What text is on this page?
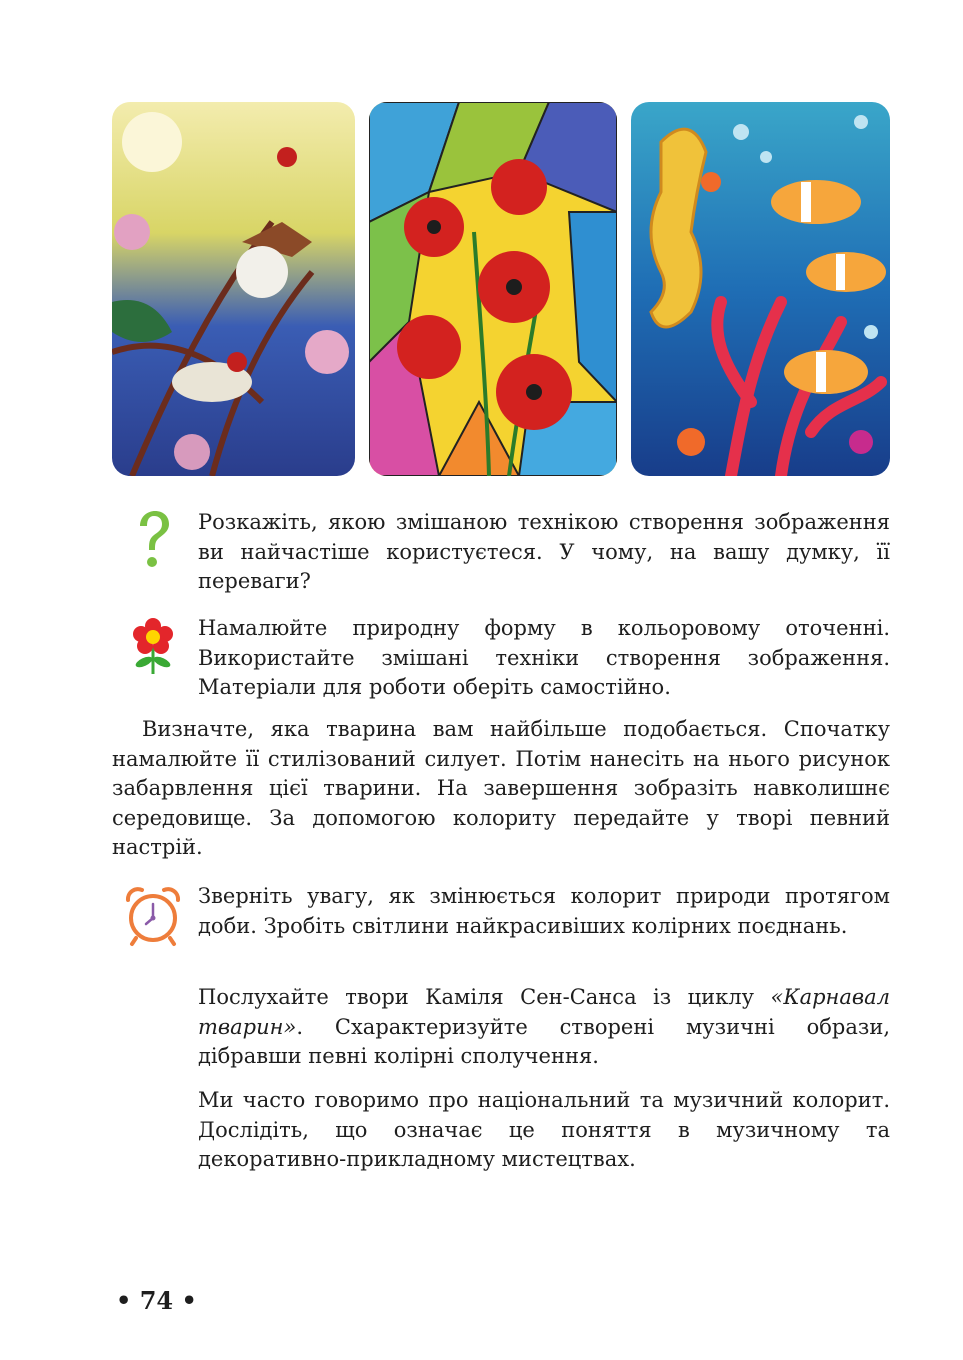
Розкажіть, якою змішаною технікою створення зображення ви найчастіше користуєтеся. У чому, на вашу думку, її переваги?

Намалюйте природну форму в кольоровому оточенні. Використайте змішані техніки створення зображення. Матеріали для роботи оберіть самостійно.

Визначте, яка тварина вам найбільше подобається. Спочатку намалюйте її стилізований силует. Потім нанесіть на нього рисунок забарвлення цієї тварини. На завершення зобразіть навколишнє середовище. За допомогою колориту передайте у творі певний настрій.

Зверніть увагу, як змінюється колорит природи протягом доби. Зробіть світлини найкрасивіших колірних поєднань.

Послухайте твори Каміля Сен-Санса із циклу «Карнавал тварин». Схарактеризуйте створені музичні образи, дібравши певні колірні сполучення.

Ми часто говоримо про національний та музичний колорит. Дослідіть, що означає це поняття в музичному та декоративно-прикладному мистецтвах.

• 74 •
